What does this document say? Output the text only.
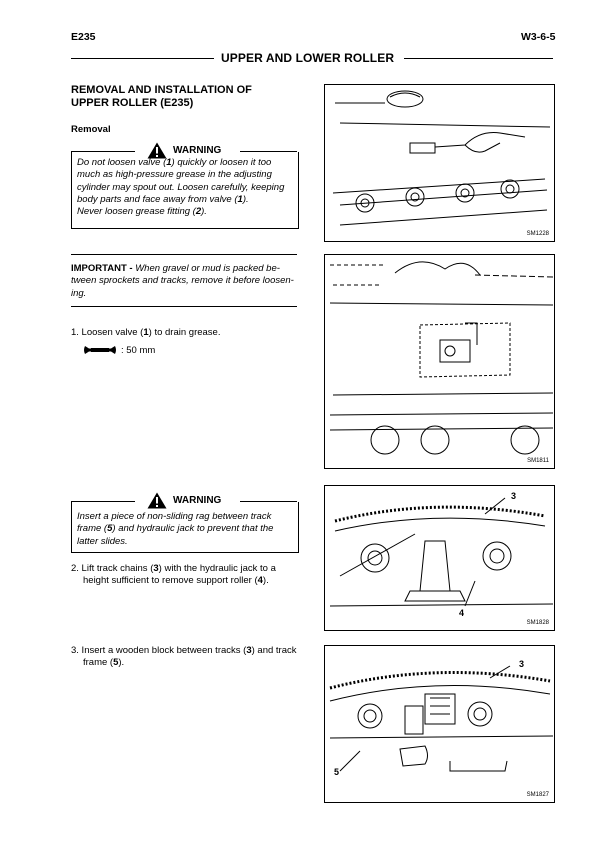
E235	W3-6-5
UPPER AND LOWER ROLLER
REMOVAL AND INSTALLATION OF
UPPER ROLLER (E235)
Removal
WARNING
Do not loosen valve (1) quickly or loosen it too
much as high-pressure grease in the adjusting
cylinder may spout out. Loosen carefully, keeping
body parts and face away from valve (1).
Never loosen grease fitting (2).
IMPORTANT - When gravel or mud is packed be-
tween sprockets and tracks, remove it before loosen-
ing.
1. Loosen valve (1) to drain grease.
: 50 mm
WARNING
Insert a piece of non-sliding rag between track
frame (5) and hydraulic jack to prevent that the
latter slides.
2. Lift track chains (3) with the hydraulic jack to a
height sufficient to remove support roller (4).
3. Insert a wooden block between tracks (3) and track
frame (5).
SM1228
SM1811
3
4
SM1828
3
5
SM1827
